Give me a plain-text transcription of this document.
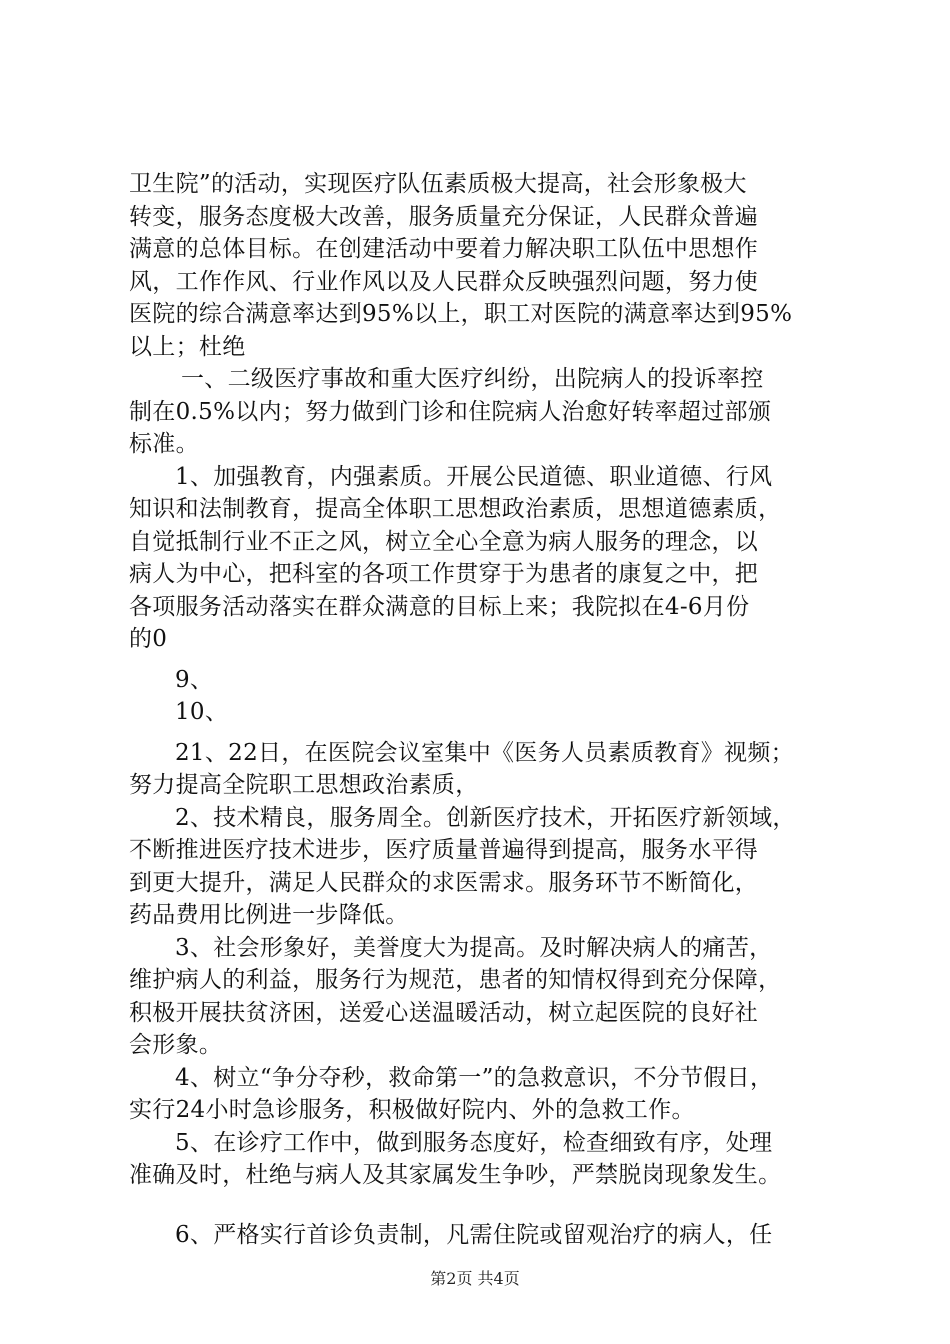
卫生院”的活动，实现医疗队伍素质极大提高，社会形象极大
转变，服务态度极大改善，服务质量充分保证，人民群众普遍
满意的总体目标。在创建活动中要着力解决职工队伍中思想作
风，工作作风、行业作风以及人民群众反映强烈问题，努力使
医院的综合满意率达到95%以上，职工对医院的满意率达到95%
以上；杜绝
一、二级医疗事故和重大医疗纠纷，出院病人的投诉率控
制在0.5%以内；努力做到门诊和住院病人治愈好转率超过部颁
标准。
1、加强教育，内强素质。开展公民道德、职业道德、行风
知识和法制教育，提高全体职工思想政治素质，思想道德素质，
自觉抵制行业不正之风，树立全心全意为病人服务的理念，以
病人为中心，把科室的各项工作贯穿于为患者的康复之中，把
各项服务活动落实在群众满意的目标上来；我院拟在4-6月份
的0
9、
10、
21、22日，在医院会议室集中《医务人员素质教育》视频；
努力提高全院职工思想政治素质，
2、技术精良，服务周全。创新医疗技术，开拓医疗新领域，
不断推进医疗技术进步，医疗质量普遍得到提高，服务水平得
到更大提升，满足人民群众的求医需求。服务环节不断简化，
药品费用比例进一步降低。
3、社会形象好，美誉度大为提高。及时解决病人的痛苦，
维护病人的利益，服务行为规范，患者的知情权得到充分保障，
积极开展扶贫济困，送爱心送温暖活动，树立起医院的良好社
会形象。
4、树立“争分夺秒，救命第一”的急救意识，不分节假日，
实行24小时急诊服务，积极做好院内、外的急救工作。
5、在诊疗工作中，做到服务态度好，检查细致有序，处理
准确及时，杜绝与病人及其家属发生争吵，严禁脱岗现象发生。
6、严格实行首诊负责制，凡需住院或留观治疗的病人，任
第2页 共4页
